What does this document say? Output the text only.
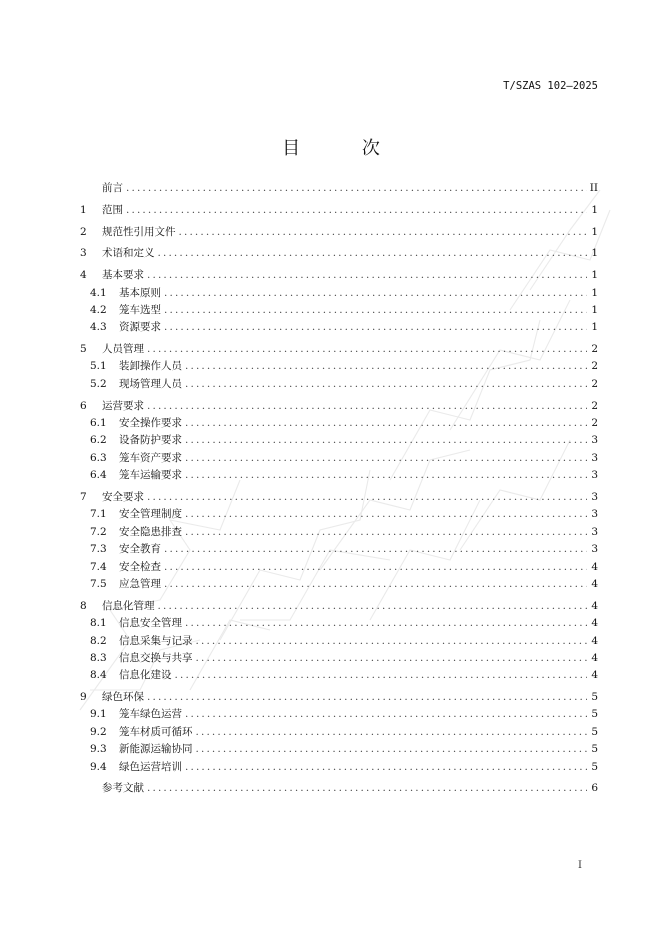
T/SZAS 102—2025
目 次
前言 . . .	II
1	范围 . . .	1
2	规范性引用文件 . . .	1
3	术语和定义 . . .	1
4	基本要求 . . .	1
4.1	基本原则 . . .	1
4.2	笼车选型 . . .	1
4.3	资源要求 . . .	1
5	人员管理 . . .	2
5.1	装卸操作人员 . . .	2
5.2	现场管理人员 . . .	2
6	运营要求 . . .	2
6.1	安全操作要求 . . .	2
6.2	设备防护要求 . . .	3
6.3	笼车资产要求 . . .	3
6.4	笼车运输要求 . . .	3
7	安全要求 . . .	3
7.1	安全管理制度 . . .	3
7.2	安全隐患排查 . . .	3
7.3	安全教育 . . .	3
7.4	安全检查 . . .	4
7.5	应急管理 . . .	4
8	信息化管理 . . .	4
8.1	信息安全管理 . . .	4
8.2	信息采集与记录 . . .	4
8.3	信息交换与共享 . . .	4
8.4	信息化建设 . . .	4
9	绿色环保 . . .	5
9.1	笼车绿色运营 . . .	5
9.2	笼车材质可循环 . . .	5
9.3	新能源运输协同 . . .	5
9.4	绿色运营培训 . . .	5
参考文献 . . .	6
I
